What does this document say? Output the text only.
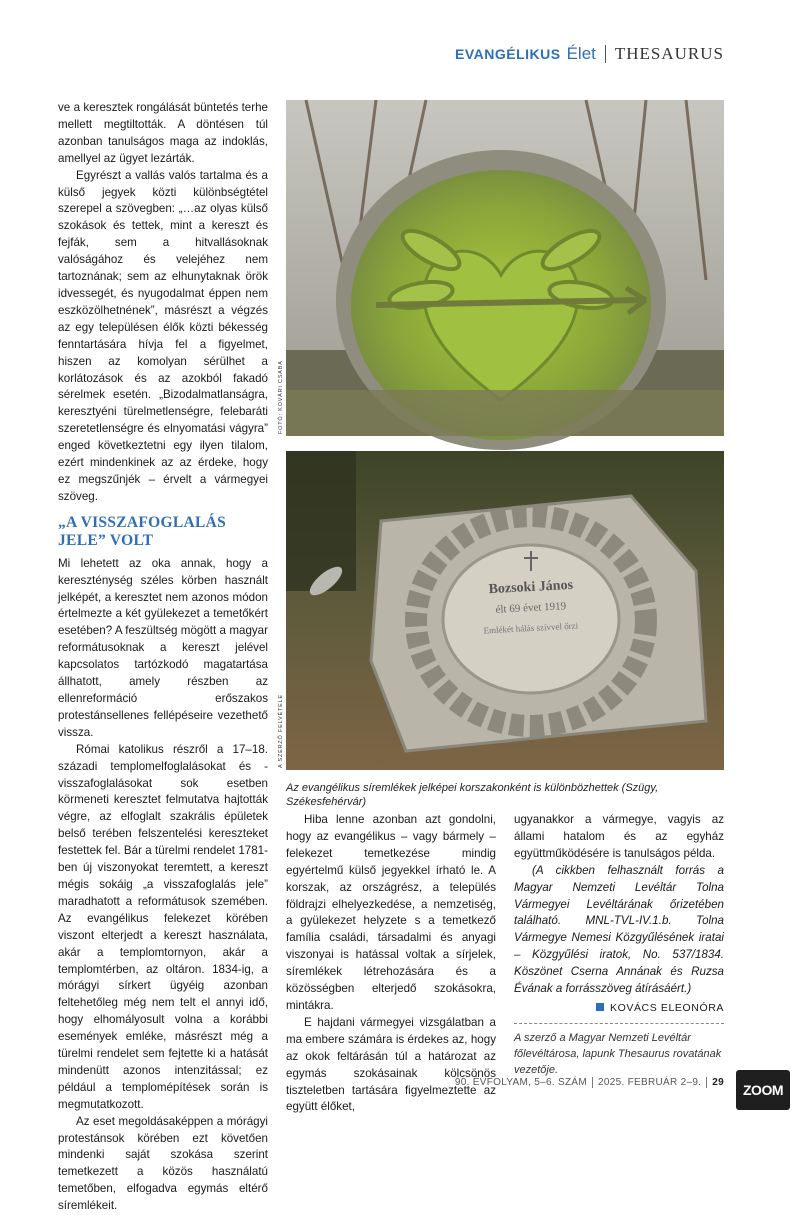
EVANGÉLIKUS Élet THESAURUS

ve a keresztek rongálását büntetés terhe mellett megtiltották. A döntésen túl azonban tanulságos maga az indoklás, amellyel az ügyet lezárták.

Egyrészt a vallás valós tartalma és a külső jegyek közti különbségtétel szerepel a szövegben: „…az olyas külső szokások és tettek, mint a kereszt és fejfák, sem a hitvallásoknak valóságához és velejéhez nem tartoznának; sem az elhunytaknak örök idvessegét, és nyugodalmat éppen nem eszközölhetnének”, másrészt a végzés az egy településen élők közti békesség fenntartására hívja fel a figyelmet, hiszen az komolyan sérülhet a korlátozások és az azokból fakadó sérelmek esetén. „Bizodalmatlanságra, keresztyéni türelmetlenségre, felebaráti szeretetlenségre és elnyomatási vágyra” enged következtetni egy ilyen tilalom, ezért mindenkinek az az érdeke, hogy ez megszűnjék – érvelt a vármegyei szöveg.

„A VISSZAFOGLALÁS JELE” VOLT

Mi lehetett az oka annak, hogy a kereszténység széles körben használt jelképét, a keresztet nem azonos módon értelmezte a két gyülekezet a temetőkért esetében? A feszültség mögött a magyar reformátusoknak a kereszt jelével kapcsolatos tartózkodó magatartása állhatott, amely részben az ellenreformáció erőszakos protestánsellenes fellépéseire vezethető vissza.

Római katolikus részről a 17–18. századi templomelfoglalásokat és -visszafoglalásokat sok esetben körmeneti keresztet felmutatva hajtották végre, az elfoglalt szakrális épületek belső terében felszentelési kereszteket festettek fel. Bár a türelmi rendelet 1781-ben új viszonyokat teremtett, a kereszt mégis sokáig „a visszafoglalás jele” maradhatott a reformátusok szemében. Az evangélikus felekezet körében viszont elterjedt a kereszt használata, akár a templomtornyon, akár a templomtérben, az oltáron. 1834-ig, a mórágyi sírkert ügyéig azonban feltehetőleg még nem telt el annyi idő, hogy elhomályosult volna a korábbi események emléke, másrészt még a türelmi rendelet sem fejtette ki a hatását mindenütt azonos intenzitással; ez például a templomépítések során is megmutatkozott.

Az eset megoldásaképpen a mórágyi protestánsok körében ezt követően mindenki saját szokása szerint temetkezett a közös használatú temetőben, elfogadva egymás eltérő síremlékeit.

FOTÓ: KOVÁRI CSABA
Bozsoki János
élt 69 évet 1919
Emlékét hálás szívvel őrzi
A SZERZŐ FELVÉTELE
Az evangélikus síremlékek jelképei korszakonként is különbözhettek (Szügy, Székesfehérvár)

Hiba lenne azonban azt gondolni, hogy az evangélikus – vagy bármely – felekezet temetkezése mindig egyértelmű külső jegyekkel írható le. A korszak, az országrész, a település földrajzi elhelyezkedése, a nemzetiség, a gyülekezet helyzete s a temetkező família családi, társadalmi és anyagi viszonyai is hatással voltak a sírjelek, síremlékek létrehozására és a közösségben elterjedő szokásokra, mintákra.

E hajdani vármegyei vizsgálatban a ma embere számára is érdekes az, hogy az okok feltárásán túl a határozat az egymás szokásainak kölcsönös tiszteletben tartására figyelmeztette az együtt élőket,

ugyanakkor a vármegye, vagyis az állami hatalom és az egyház együttműködésére is tanulságos példa.

(A cikkben felhasznált forrás a Magyar Nemzeti Levéltár Tolna Vármegyei Levéltárának őrizetében található. MNL-TVL-IV.1.b. Tolna Vármegye Nemesi Közgyűlésének iratai – Közgyűlési iratok, No. 537/1834. Köszönet Cserna Annának és Ruzsa Évának a forrásszöveg átírásáért.)

KOVÁCS ELEONÓRA

A szerző a Magyar Nemzeti Levéltár főlevéltárosa, lapunk Thesaurus rovatának vezetője.

90. ÉVFOLYAM, 5–6. SZÁM 2025. FEBRUÁR 2–9. 29	ZOOM
